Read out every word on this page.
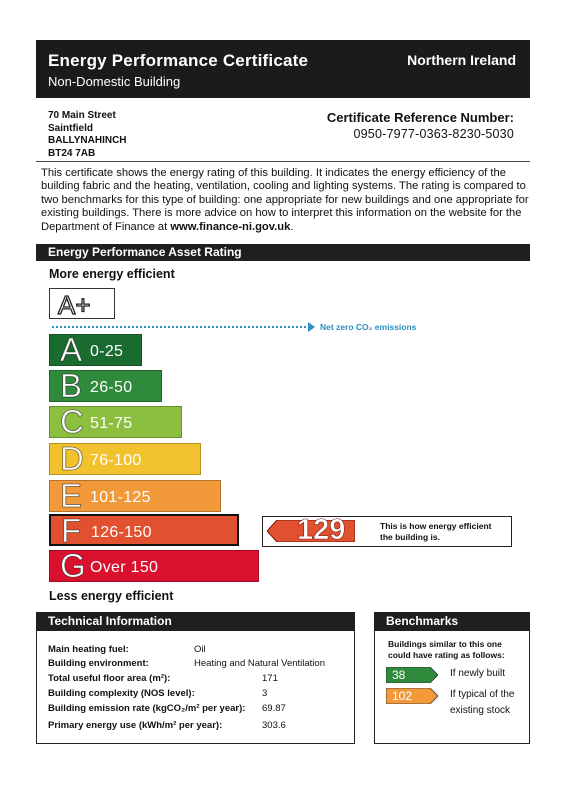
Energy Performance Certificate
Non-Domestic Building
Northern Ireland
70 Main Street
Saintfield
BALLYNAHINCH
BT24 7AB
Certificate Reference Number:
0950-7977-0363-8230-5030
This certificate shows the energy rating of this building. It indicates the energy efficiency of the building fabric and the heating, ventilation, cooling and lighting systems. The rating is compared to two benchmarks for this type of building: one appropriate for new buildings and one appropriate for existing buildings. There is more advice on how to interpret this information on the website for the Department of Finance at www.finance-ni.gov.uk.
Energy Performance Asset Rating
More energy efficient
A+
Net zero CO₂ emissions
A 0-25
B 26-50
C 51-75
D 76-100
E 101-125
F 126-150
G Over 150
129	This is how energy efficient
the building is.
Less energy efficient
Technical Information
Main heating fuel:	Oil
Building environment:	Heating and Natural Ventilation
Total useful floor area (m²):	171
Building complexity (NOS level):	3
Building emission rate (kgCO₂/m² per year): 69.87
Primary energy use (kWh/m² per year):	303.6
Benchmarks
Buildings similar to this one could have rating as follows:
38	If newly built
102	If typical of the existing stock
